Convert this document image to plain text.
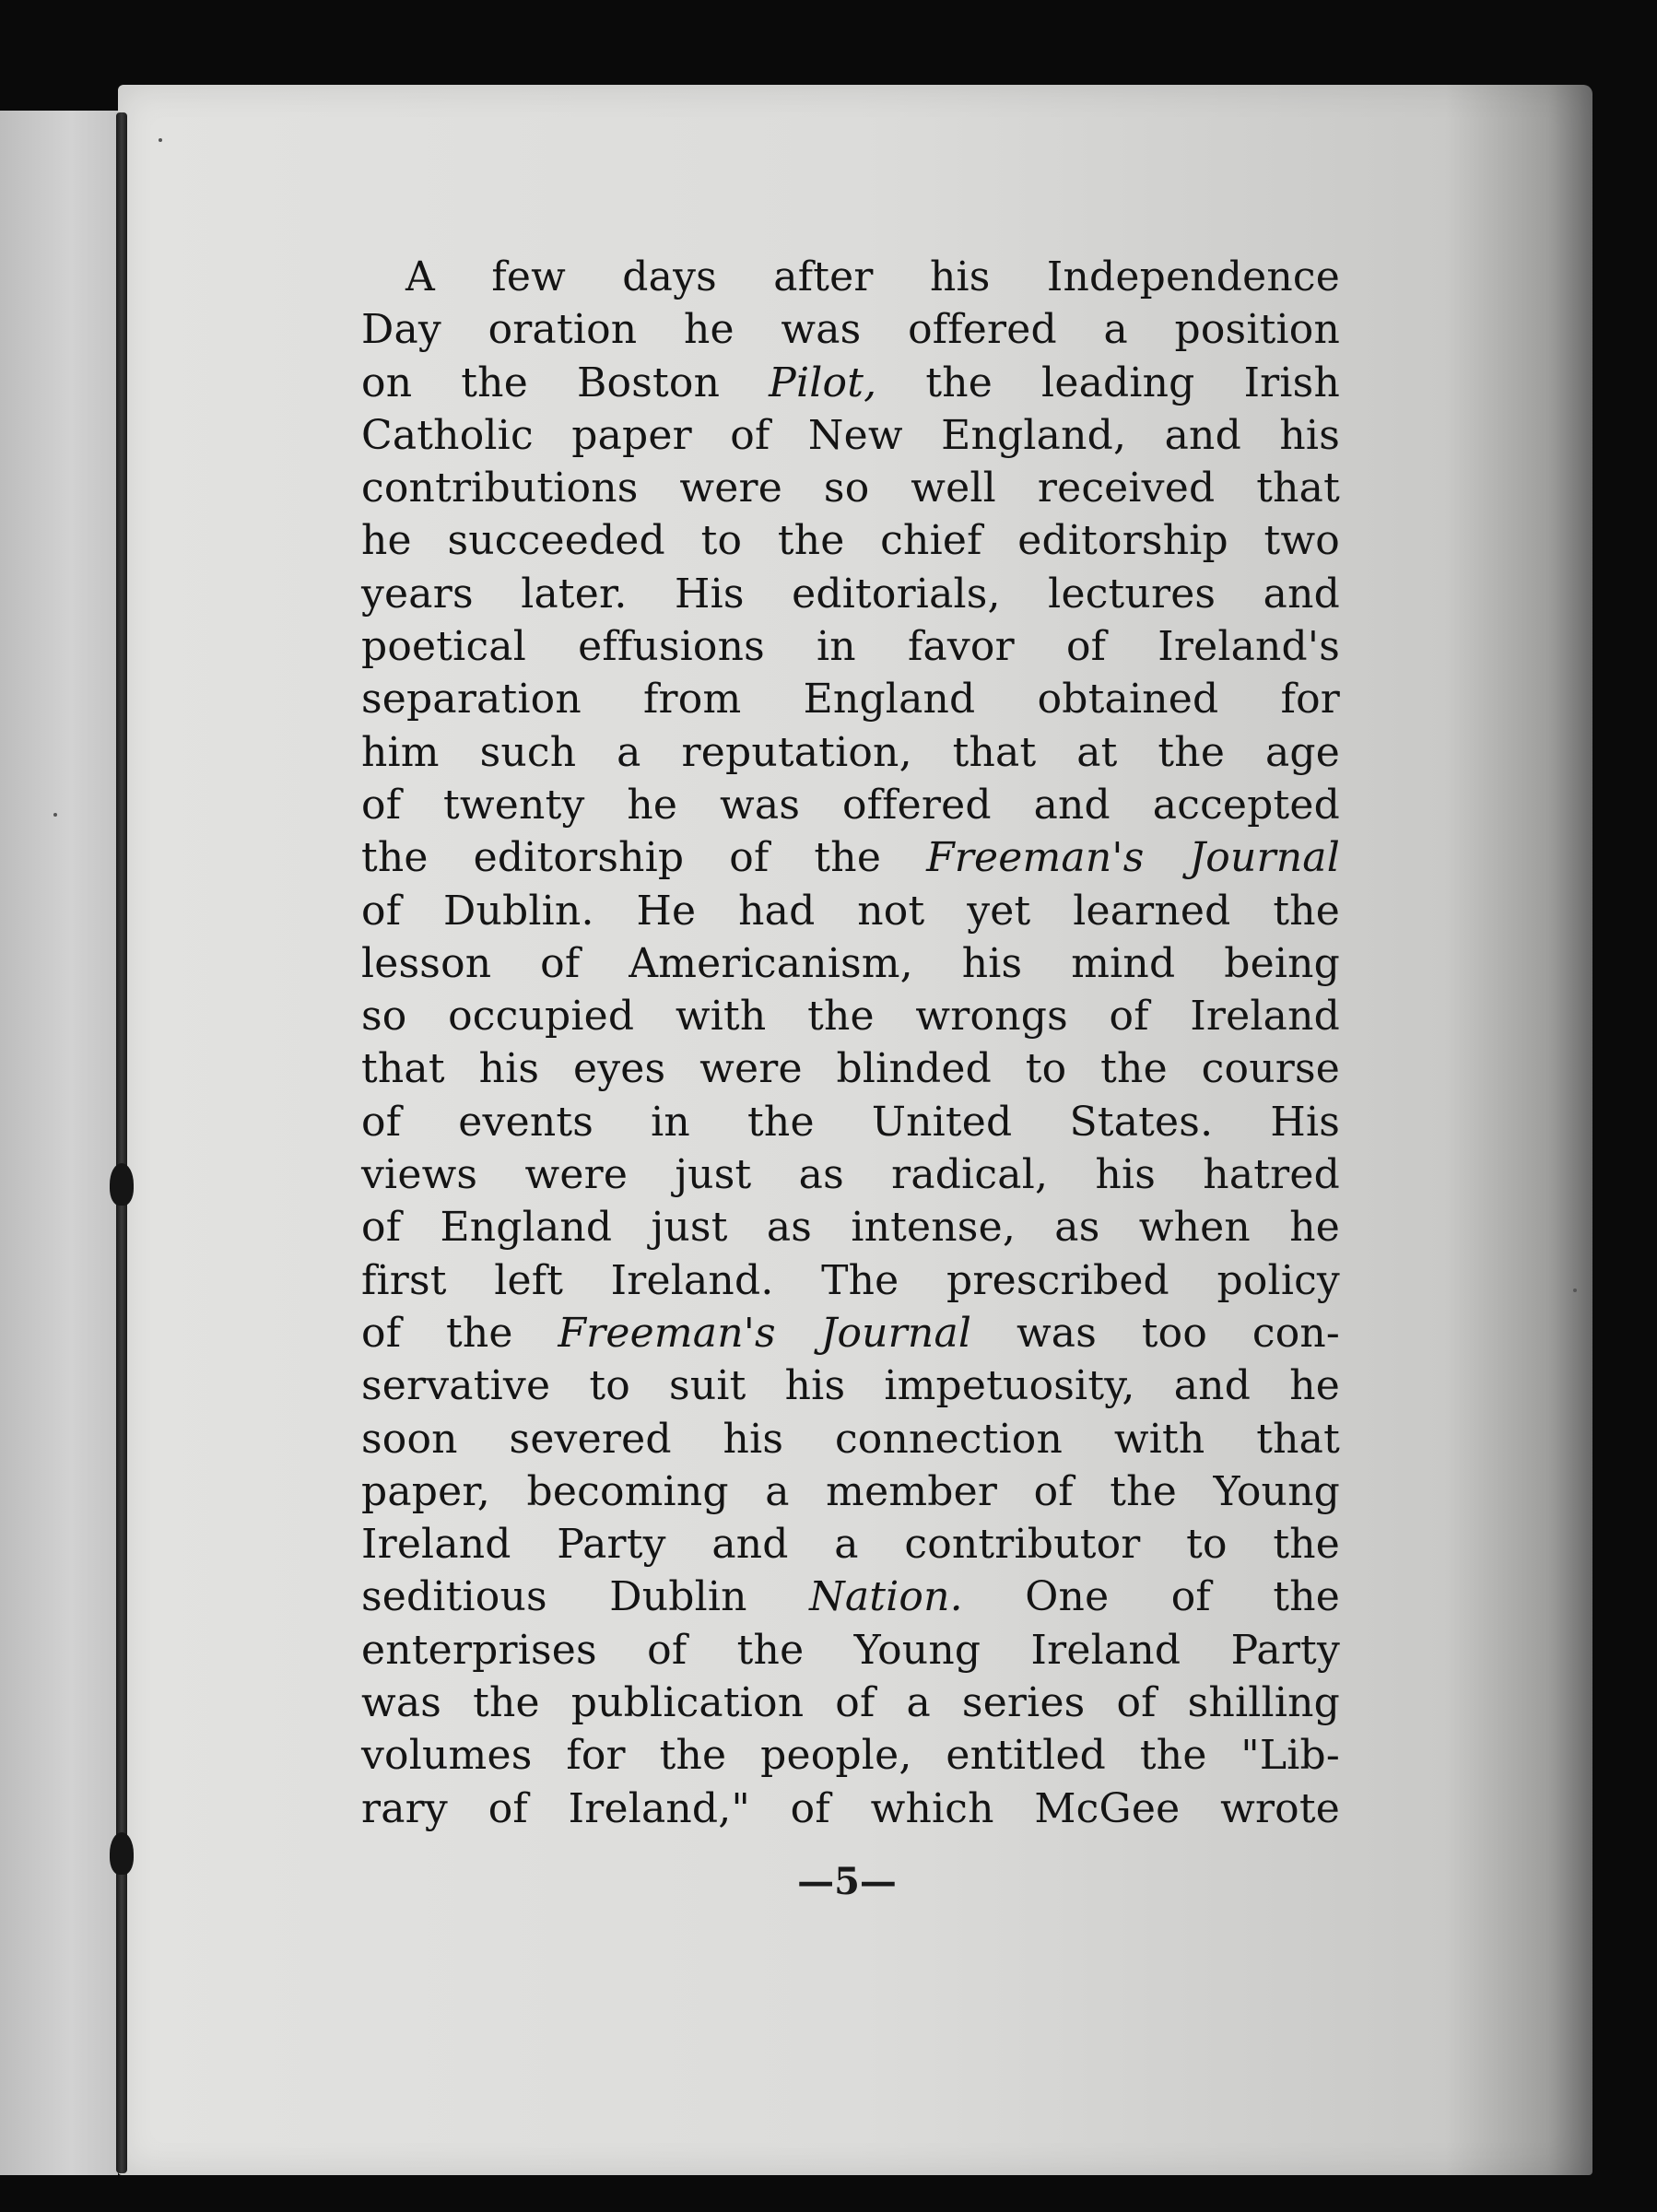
A few days after his Independence
Day oration he was offered a position
on the Boston Pilot, the leading Irish
Catholic paper of New England, and his
contributions were so well received that
he succeeded to the chief editorship two
years later. His editorials, lectures and
poetical effusions in favor of Ireland's
separation from England obtained for
him such a reputation, that at the age
of twenty he was offered and accepted
the editorship of the Freeman's Journal
of Dublin. He had not yet learned the
lesson of Americanism, his mind being
so occupied with the wrongs of Ireland
that his eyes were blinded to the course
of events in the United States. His
views were just as radical, his hatred
of England just as intense, as when he
first left Ireland. The prescribed policy
of the Freeman's Journal was too con-
servative to suit his impetuosity, and he
soon severed his connection with that
paper, becoming a member of the Young
Ireland Party and a contributor to the
seditious Dublin Nation. One of the
enterprises of the Young Ireland Party
was the publication of a series of shilling
volumes for the people, entitled the "Lib-
rary of Ireland," of which McGee wrote
—5—
